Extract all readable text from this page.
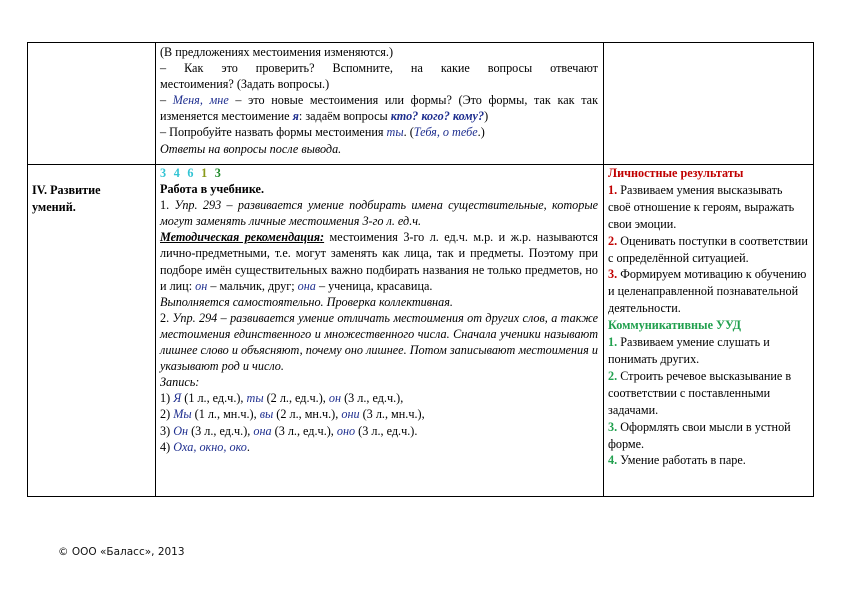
(В предложениях местоимения изменяются.)

– Как это проверить? Вспомните, на какие вопросы отвечают

местоимения? (Задать вопросы.)

– Меня, мне – это новые местоимения или формы? (Это формы, так как так изменяется местоимение я: задаём вопросы кто? кого? кому?)

– Попробуйте назвать формы местоимения ты. (Тебя, о тебе.)

Ответы на вопросы после вывода.

IV. Развитие умений.

3 4 6 1 3

Работа в учебнике.

1. Упр. 293 – развивается умение подбирать имена существительные, которые могут заменять личные местоимения 3-го л. ед.ч.

Методическая рекомендация: местоимения 3-го л. ед.ч. м.р. и ж.р. называются лично-предметными, т.е. могут заменять как лица, так и предметы. Поэтому при подборе имён существительных важно подбирать названия не только предметов, но и лиц: он – мальчик, друг; она – ученица, красавица.

Выполняется самостоятельно. Проверка коллективная.

2. Упр. 294 – развивается умение отличать местоимения от других слов, а также местоимения единственного и множественного числа. Сначала ученики называют лишнее слово и объясняют, почему оно лишнее. Потом записывают местоимения и указывают род и число.

Запись:

1) Я (1 л., ед.ч.), ты (2 л., ед.ч.), он (3 л., ед.ч.),

2) Мы (1 л., мн.ч.), вы (2 л., мн.ч.), они (3 л., мн.ч.),

3) Он (3 л., ед.ч.), она (3 л., ед.ч.), оно (3 л., ед.ч.).

4) Оха, окно, око.

Личностные результаты

1. Развиваем умения высказывать своё отношение к героям, выражать свои эмоции.

2. Оценивать поступки в соответствии с определённой ситуацией.

3. Формируем мотивацию к обучению и целенаправленной познавательной деятельности.

Коммуникативные УУД

1. Развиваем умение слушать и понимать других.

2. Строить речевое высказывание в соответствии с поставленными задачами.

3. Оформлять свои мысли в устной форме.

4. Умение работать в паре.

© ООО «Баласс», 2013
